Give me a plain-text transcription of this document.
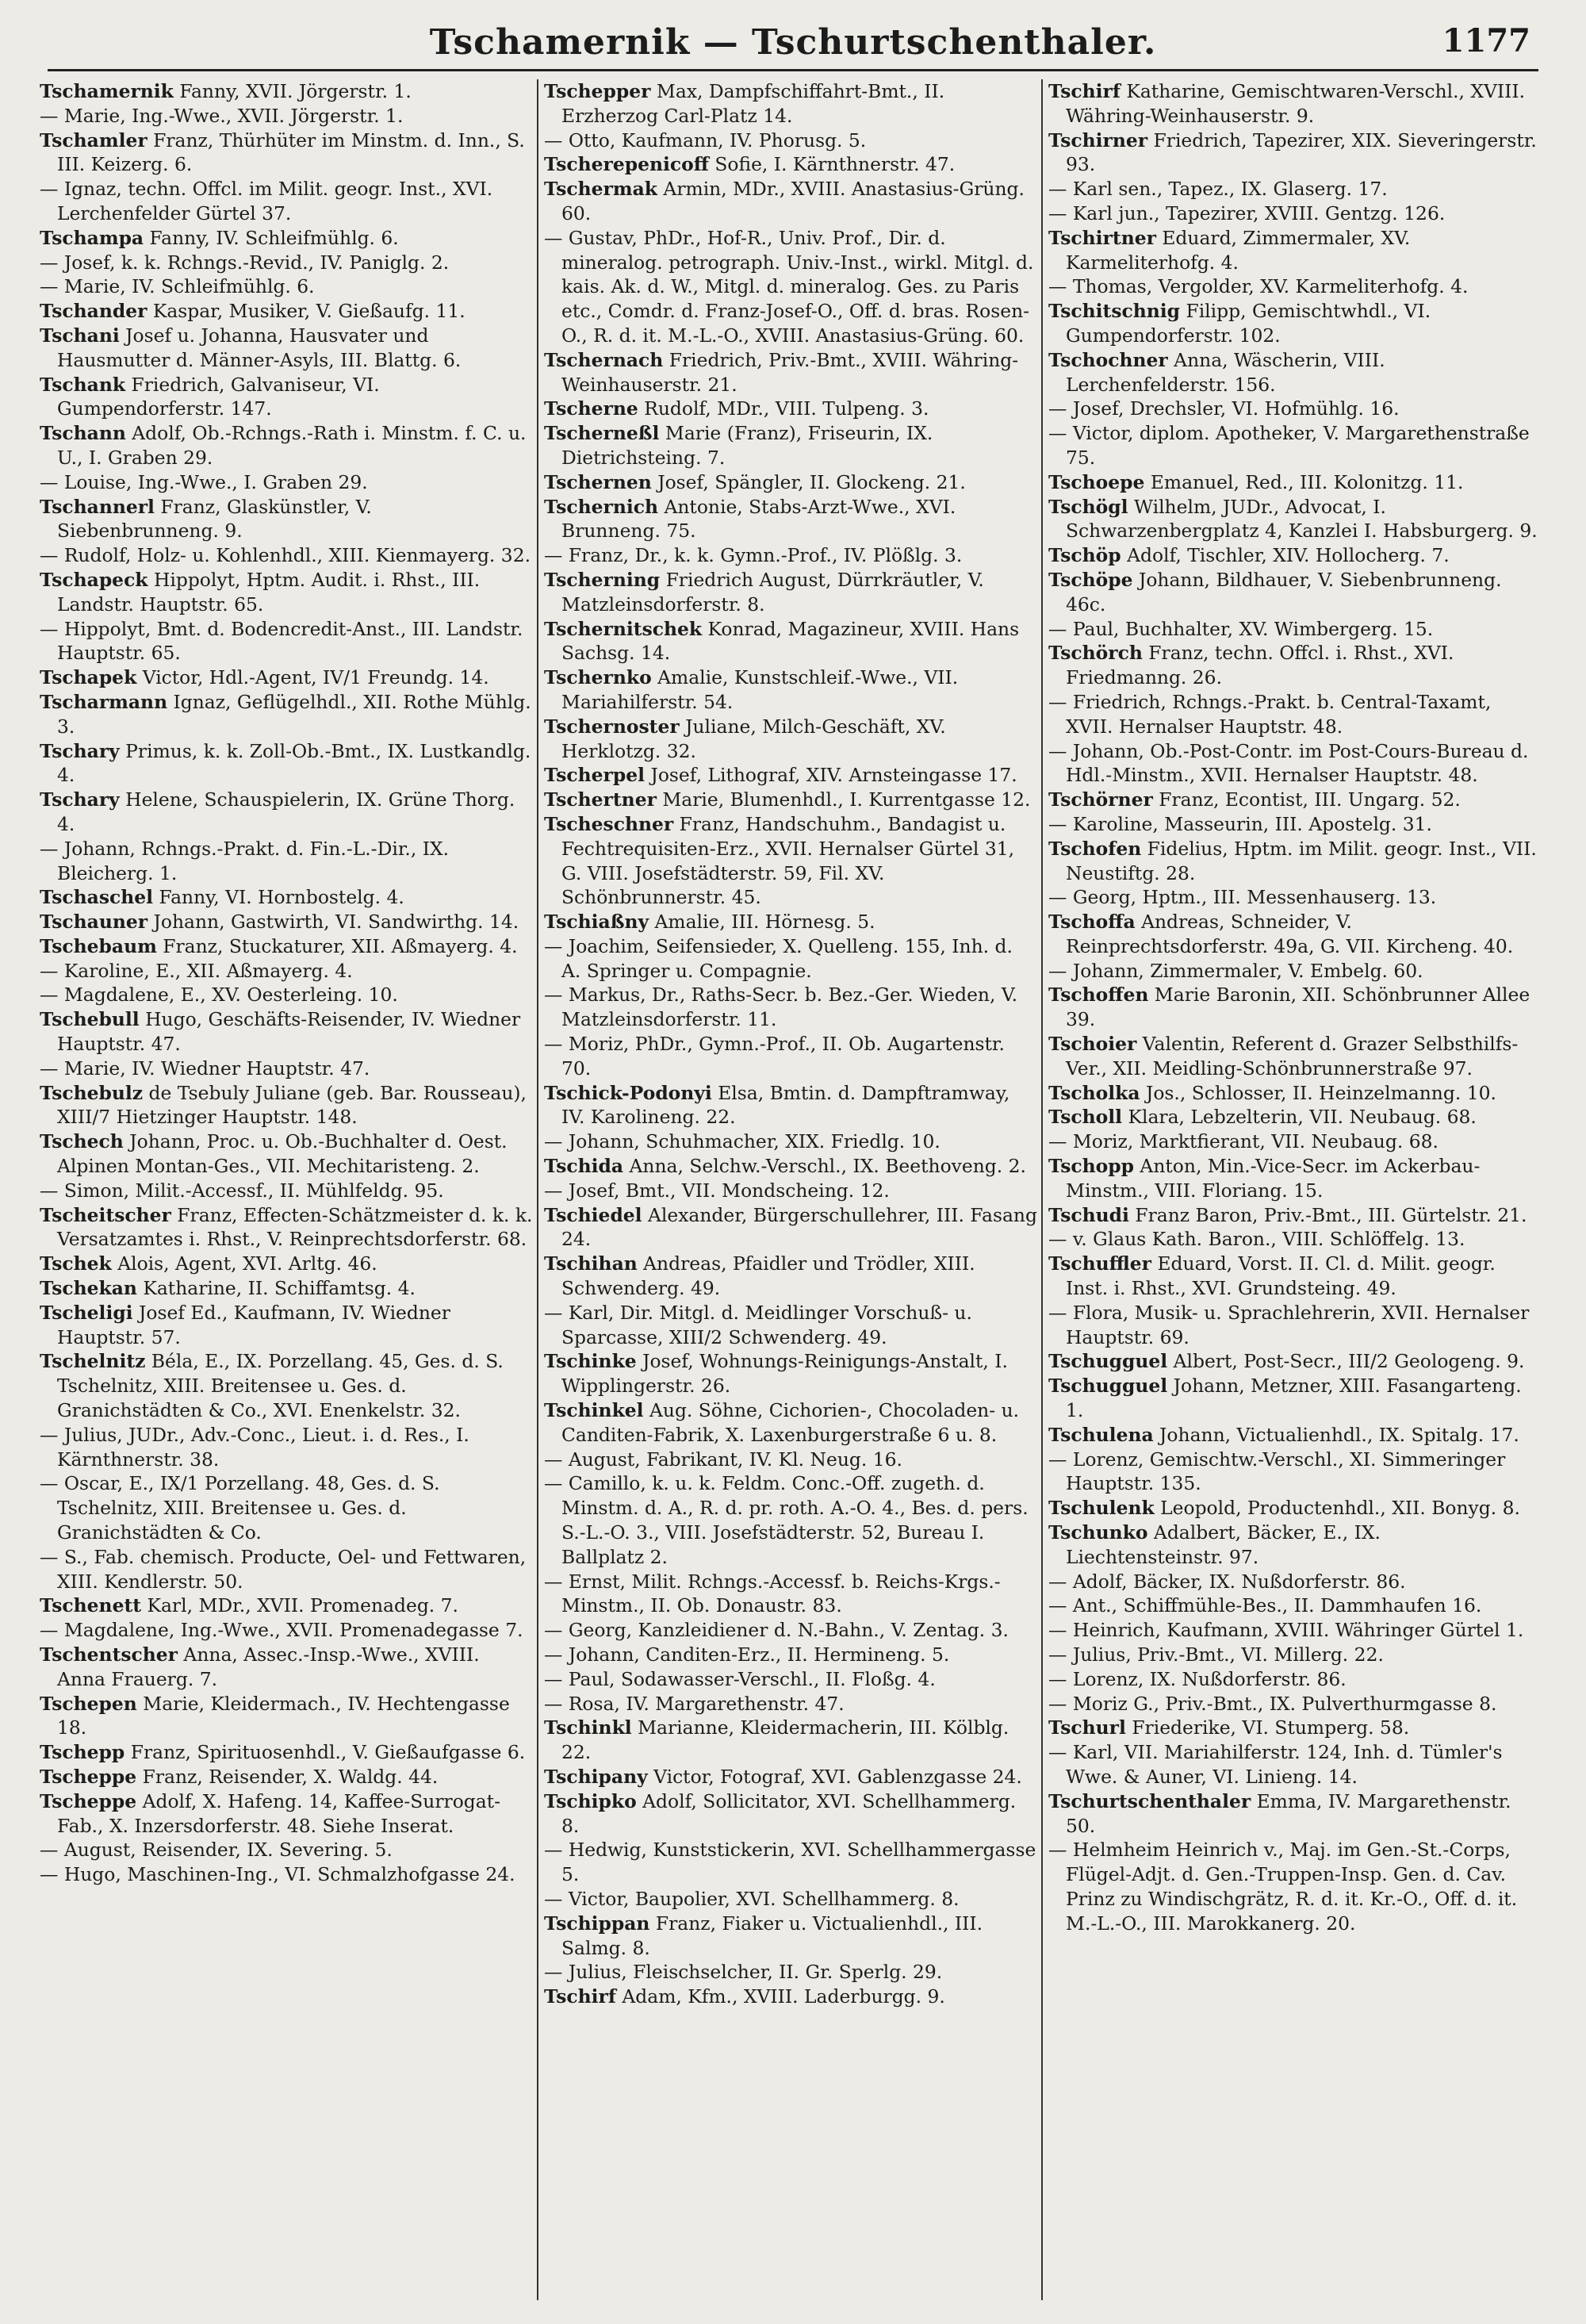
Tschamernik — Tschurtschenthaler.	1177

Tschamernik Fanny, XVII. Jörgerstr. 1.

— Marie, Ing.-Wwe., XVII. Jörgerstr. 1.

Tschamler Franz, Thürhüter im Minstm. d. Inn., S. III. Keizerg. 6.

— Ignaz, techn. Offcl. im Milit. geogr. Inst., XVI. Lerchenfelder Gürtel 37.

Tschampa Fanny, IV. Schleifmühlg. 6.

— Josef, k. k. Rchngs.-Revid., IV. Paniglg. 2.

— Marie, IV. Schleifmühlg. 6.

Tschander Kaspar, Musiker, V. Gießaufg. 11.

Tschani Josef u. Johanna, Hausvater und Hausmutter d. Männer-Asyls, III. Blattg. 6.

Tschank Friedrich, Galvaniseur, VI. Gumpendorferstr. 147.

Tschann Adolf, Ob.-Rchngs.-Rath i. Minstm. f. C. u. U., I. Graben 29.

— Louise, Ing.-Wwe., I. Graben 29.

Tschannerl Franz, Glaskünstler, V. Siebenbrunneng. 9.

— Rudolf, Holz- u. Kohlenhdl., XIII. Kienmayerg. 32.

Tschapeck Hippolyt, Hptm. Audit. i. Rhst., III. Landstr. Hauptstr. 65.

— Hippolyt, Bmt. d. Bodencredit-Anst., III. Landstr. Hauptstr. 65.

Tschapek Victor, Hdl.-Agent, IV/1 Freundg. 14.

Tscharmann Ignaz, Geflügelhdl., XII. Rothe Mühlg. 3.

Tschary Primus, k. k. Zoll-Ob.-Bmt., IX. Lustkandlg. 4.

Tschary Helene, Schauspielerin, IX. Grüne Thorg. 4.

— Johann, Rchngs.-Prakt. d. Fin.-L.-Dir., IX. Bleicherg. 1.

Tschaschel Fanny, VI. Hornbostelg. 4.

Tschauner Johann, Gastwirth, VI. Sandwirthg. 14.

Tschebaum Franz, Stuckaturer, XII. Aßmayerg. 4.

— Karoline, E., XII. Aßmayerg. 4.

— Magdalene, E., XV. Oesterleing. 10.

Tschebull Hugo, Geschäfts-Reisender, IV. Wiedner Hauptstr. 47.

— Marie, IV. Wiedner Hauptstr. 47.

Tschebulz de Tsebuly Juliane (geb. Bar. Rousseau), XIII/7 Hietzinger Hauptstr. 148.

Tschech Johann, Proc. u. Ob.-Buchhalter d. Oest. Alpinen Montan-Ges., VII. Mechitaristeng. 2.

— Simon, Milit.-Accessf., II. Mühlfeldg. 95.

Tscheitscher Franz, Effecten-Schätzmeister d. k. k. Versatzamtes i. Rhst., V. Reinprechtsdorferstr. 68.

Tschek Alois, Agent, XVI. Arltg. 46.

Tschekan Katharine, II. Schiffamtsg. 4.

Tscheligi Josef Ed., Kaufmann, IV. Wiedner Hauptstr. 57.

Tschelnitz Béla, E., IX. Porzellang. 45, Ges. d. S. Tschelnitz, XIII. Breitensee u. Ges. d. Granichstädten & Co., XVI. Enenkelstr. 32.

— Julius, JUDr., Adv.-Conc., Lieut. i. d. Res., I. Kärnthnerstr. 38.

— Oscar, E., IX/1 Porzellang. 48, Ges. d. S. Tschelnitz, XIII. Breitensee u. Ges. d. Granichstädten & Co.

— S., Fab. chemisch. Producte, Oel- und Fettwaren, XIII. Kendlerstr. 50.

Tschenett Karl, MDr., XVII. Promenadeg. 7.

— Magdalene, Ing.-Wwe., XVII. Promenadegasse 7.

Tschentscher Anna, Assec.-Insp.-Wwe., XVIII. Anna Frauerg. 7.

Tschepen Marie, Kleidermach., IV. Hechtengasse 18.

Tschepp Franz, Spirituosenhdl., V. Gießaufgasse 6.

Tscheppe Franz, Reisender, X. Waldg. 44.

Tscheppe Adolf, X. Hafeng. 14, Kaffee-Surrogat-Fab., X. Inzersdorferstr. 48. Siehe Inserat.

— August, Reisender, IX. Severing. 5.

— Hugo, Maschinen-Ing., VI. Schmalzhofgasse 24.

Tschepper Max, Dampfschiffahrt-Bmt., II. Erzherzog Carl-Platz 14.

— Otto, Kaufmann, IV. Phorusg. 5.

Tscherepenicoff Sofie, I. Kärnthnerstr. 47.

Tschermak Armin, MDr., XVIII. Anastasius-Grüng. 60.

— Gustav, PhDr., Hof-R., Univ. Prof., Dir. d. mineralog. petrograph. Univ.-Inst., wirkl. Mitgl. d. kais. Ak. d. W., Mitgl. d. mineralog. Ges. zu Paris etc., Comdr. d. Franz-Josef-O., Off. d. bras. Rosen-O., R. d. it. M.-L.-O., XVIII. Anastasius-Grüng. 60.

Tschernach Friedrich, Priv.-Bmt., XVIII. Währing-Weinhauserstr. 21.

Tscherne Rudolf, MDr., VIII. Tulpeng. 3.

Tscherneßl Marie (Franz), Friseurin, IX. Dietrichsteing. 7.

Tschernen Josef, Spängler, II. Glockeng. 21.

Tschernich Antonie, Stabs-Arzt-Wwe., XVI. Brunneng. 75.

— Franz, Dr., k. k. Gymn.-Prof., IV. Plößlg. 3.

Tscherning Friedrich August, Dürrkräutler, V. Matzleinsdorferstr. 8.

Tschernitschek Konrad, Magazineur, XVIII. Hans Sachsg. 14.

Tschernko Amalie, Kunstschleif.-Wwe., VII. Mariahilferstr. 54.

Tschernoster Juliane, Milch-Geschäft, XV. Herklotzg. 32.

Tscherpel Josef, Lithograf, XIV. Arnsteingasse 17.

Tschertner Marie, Blumenhdl., I. Kurrentgasse 12.

Tscheschner Franz, Handschuhm., Bandagist u. Fechtrequisiten-Erz., XVII. Hernalser Gürtel 31, G. VIII. Josefstädterstr. 59, Fil. XV. Schönbrunnerstr. 45.

Tschiaßny Amalie, III. Hörnesg. 5.

— Joachim, Seifensieder, X. Quelleng. 155, Inh. d. A. Springer u. Compagnie.

— Markus, Dr., Raths-Secr. b. Bez.-Ger. Wieden, V. Matzleinsdorferstr. 11.

— Moriz, PhDr., Gymn.-Prof., II. Ob. Augartenstr. 70.

Tschick-Podonyi Elsa, Bmtin. d. Dampftramway, IV. Karolineng. 22.

— Johann, Schuhmacher, XIX. Friedlg. 10.

Tschida Anna, Selchw.-Verschl., IX. Beethoveng. 2.

— Josef, Bmt., VII. Mondscheing. 12.

Tschiedel Alexander, Bürgerschullehrer, III. Fasang 24.

Tschihan Andreas, Pfaidler und Trödler, XIII. Schwenderg. 49.

— Karl, Dir. Mitgl. d. Meidlinger Vorschuß- u. Sparcasse, XIII/2 Schwenderg. 49.

Tschinke Josef, Wohnungs-Reinigungs-Anstalt, I. Wipplingerstr. 26.

Tschinkel Aug. Söhne, Cichorien-, Chocoladen- u. Canditen-Fabrik, X. Laxenburgerstraße 6 u. 8.

— August, Fabrikant, IV. Kl. Neug. 16.

— Camillo, k. u. k. Feldm. Conc.-Off. zugeth. d. Minstm. d. A., R. d. pr. roth. A.-O. 4., Bes. d. pers. S.-L.-O. 3., VIII. Josefstädterstr. 52, Bureau I. Ballplatz 2.

— Ernst, Milit. Rchngs.-Accessf. b. Reichs-Krgs.-Minstm., II. Ob. Donaustr. 83.

— Georg, Kanzleidiener d. N.-Bahn., V. Zentag. 3.

— Johann, Canditen-Erz., II. Hermineng. 5.

— Paul, Sodawasser-Verschl., II. Floßg. 4.

— Rosa, IV. Margarethenstr. 47.

Tschinkl Marianne, Kleidermacherin, III. Kölblg. 22.

Tschipany Victor, Fotograf, XVI. Gablenzgasse 24.

Tschipko Adolf, Sollicitator, XVI. Schellhammerg. 8.

— Hedwig, Kunststickerin, XVI. Schellhammergasse 5.

— Victor, Baupolier, XVI. Schellhammerg. 8.

Tschippan Franz, Fiaker u. Victualienhdl., III. Salmg. 8.

— Julius, Fleischselcher, II. Gr. Sperlg. 29.

Tschirf Adam, Kfm., XVIII. Laderburgg. 9.

Tschirf Katharine, Gemischtwaren-Verschl., XVIII. Währing-Weinhauserstr. 9.

Tschirner Friedrich, Tapezirer, XIX. Sieveringerstr. 93.

— Karl sen., Tapez., IX. Glaserg. 17.

— Karl jun., Tapezirer, XVIII. Gentzg. 126.

Tschirtner Eduard, Zimmermaler, XV. Karmeliterhofg. 4.

— Thomas, Vergolder, XV. Karmeliterhofg. 4.

Tschitschnig Filipp, Gemischtwhdl., VI. Gumpendorferstr. 102.

Tschochner Anna, Wäscherin, VIII. Lerchenfelderstr. 156.

— Josef, Drechsler, VI. Hofmühlg. 16.

— Victor, diplom. Apotheker, V. Margarethenstraße 75.

Tschoepe Emanuel, Red., III. Kolonitzg. 11.

Tschögl Wilhelm, JUDr., Advocat, I. Schwarzenbergplatz 4, Kanzlei I. Habsburgerg. 9.

Tschöp Adolf, Tischler, XIV. Hollocherg. 7.

Tschöpe Johann, Bildhauer, V. Siebenbrunneng. 46c.

— Paul, Buchhalter, XV. Wimbergerg. 15.

Tschörch Franz, techn. Offcl. i. Rhst., XVI. Friedmanng. 26.

— Friedrich, Rchngs.-Prakt. b. Central-Taxamt, XVII. Hernalser Hauptstr. 48.

— Johann, Ob.-Post-Contr. im Post-Cours-Bureau d. Hdl.-Minstm., XVII. Hernalser Hauptstr. 48.

Tschörner Franz, Econtist, III. Ungarg. 52.

— Karoline, Masseurin, III. Apostelg. 31.

Tschofen Fidelius, Hptm. im Milit. geogr. Inst., VII. Neustiftg. 28.

— Georg, Hptm., III. Messenhauserg. 13.

Tschoffa Andreas, Schneider, V. Reinprechtsdorferstr. 49a, G. VII. Kircheng. 40.

— Johann, Zimmermaler, V. Embelg. 60.

Tschoffen Marie Baronin, XII. Schönbrunner Allee 39.

Tschoier Valentin, Referent d. Grazer Selbsthilfs-Ver., XII. Meidling-Schönbrunnerstraße 97.

Tscholka Jos., Schlosser, II. Heinzelmanng. 10.

Tscholl Klara, Lebzelterin, VII. Neubaug. 68.

— Moriz, Marktfierant, VII. Neubaug. 68.

Tschopp Anton, Min.-Vice-Secr. im Ackerbau-Minstm., VIII. Floriang. 15.

Tschudi Franz Baron, Priv.-Bmt., III. Gürtelstr. 21.

— v. Glaus Kath. Baron., VIII. Schlöffelg. 13.

Tschuffler Eduard, Vorst. II. Cl. d. Milit. geogr. Inst. i. Rhst., XVI. Grundsteing. 49.

— Flora, Musik- u. Sprachlehrerin, XVII. Hernalser Hauptstr. 69.

Tschugguel Albert, Post-Secr., III/2 Geologeng. 9.

Tschugguel Johann, Metzner, XIII. Fasangarteng. 1.

Tschulena Johann, Victualienhdl., IX. Spitalg. 17.

— Lorenz, Gemischtw.-Verschl., XI. Simmeringer Hauptstr. 135.

Tschulenk Leopold, Productenhdl., XII. Bonyg. 8.

Tschunko Adalbert, Bäcker, E., IX. Liechtensteinstr. 97.

— Adolf, Bäcker, IX. Nußdorferstr. 86.

— Ant., Schiffmühle-Bes., II. Dammhaufen 16.

— Heinrich, Kaufmann, XVIII. Währinger Gürtel 1.

— Julius, Priv.-Bmt., VI. Millerg. 22.

— Lorenz, IX. Nußdorferstr. 86.

— Moriz G., Priv.-Bmt., IX. Pulverthurmgasse 8.

Tschurl Friederike, VI. Stumperg. 58.

— Karl, VII. Mariahilferstr. 124, Inh. d. Tümler's Wwe. & Auner, VI. Linieng. 14.

Tschurtschenthaler Emma, IV. Margarethenstr. 50.

— Helmheim Heinrich v., Maj. im Gen.-St.-Corps, Flügel-Adjt. d. Gen.-Truppen-Insp. Gen. d. Cav. Prinz zu Windischgrätz, R. d. it. Kr.-O., Off. d. it. M.-L.-O., III. Marokkanerg. 20.
